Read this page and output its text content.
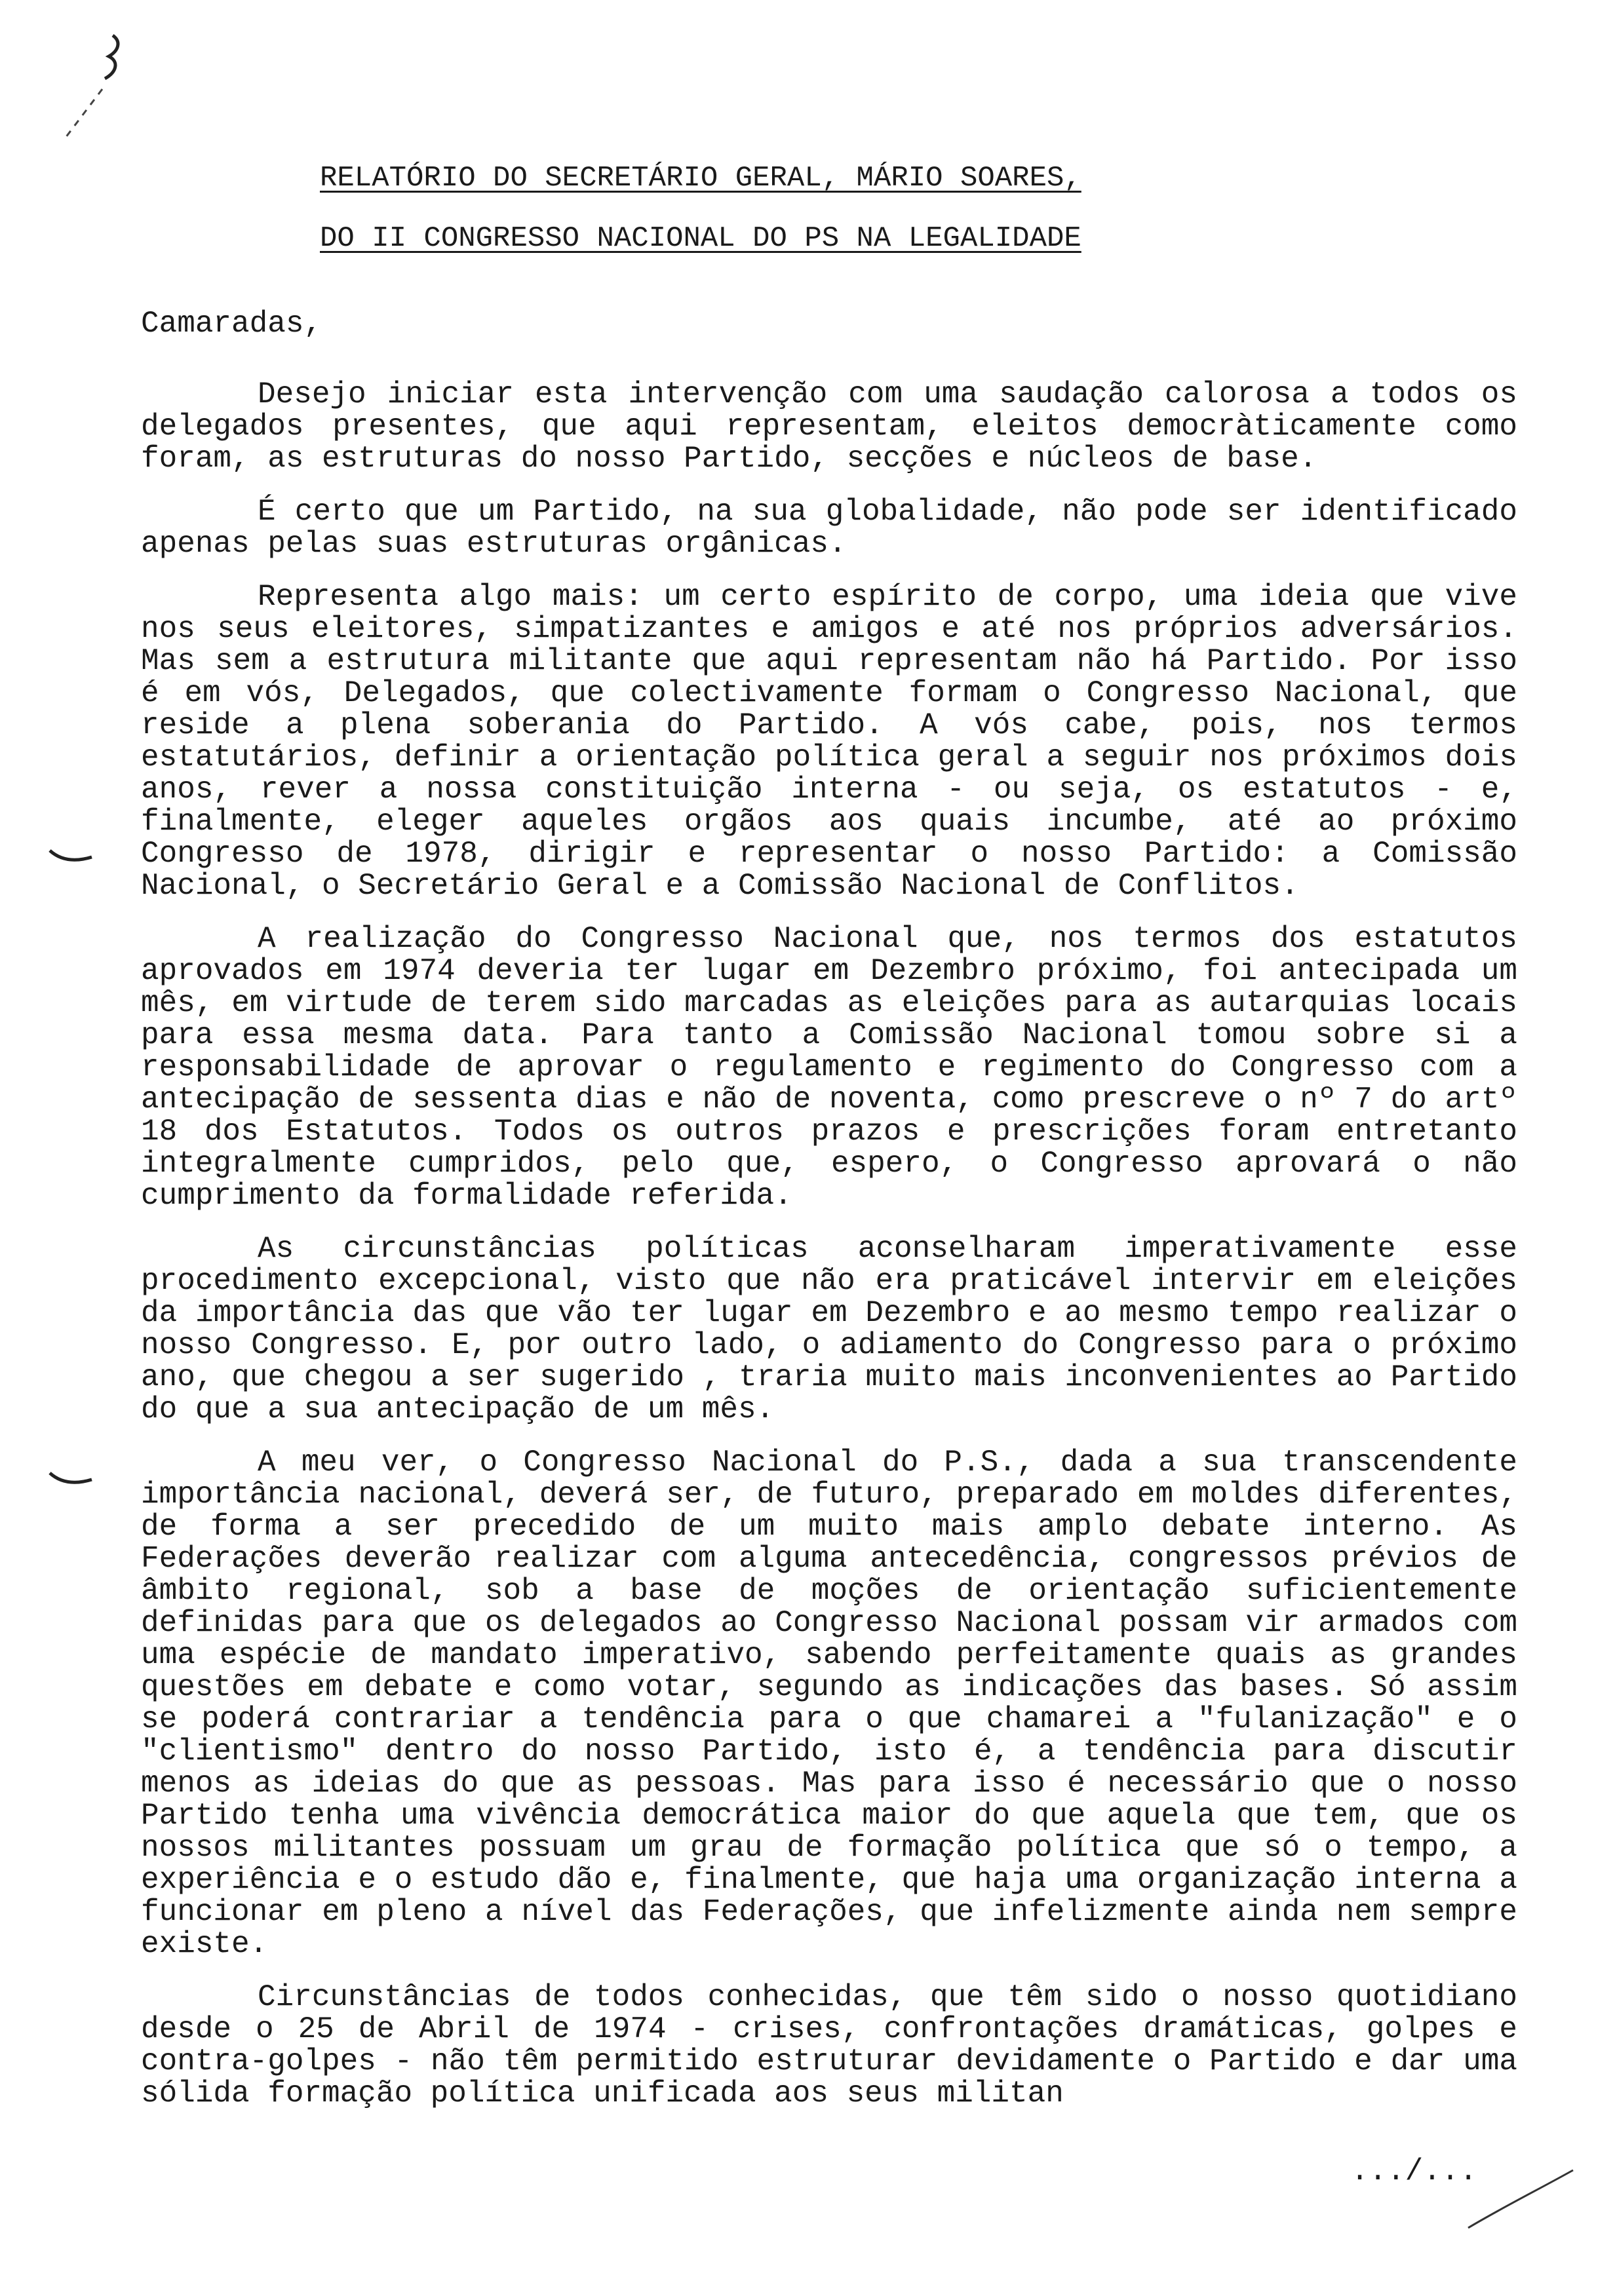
RELATÓRIO DO SECRETÁRIO GERAL, MÁRIO SOARES,
DO II CONGRESSO NACIONAL DO PS NA LEGALIDADE
Camaradas,

Desejo iniciar esta intervenção com uma saudação calorosa a todos os delegados presentes, que aqui representam, eleitos democràticamente como foram, as estruturas do nosso Partido, secções e núcleos de base.

É certo que um Partido, na sua globalidade, não pode ser identificado apenas pelas suas estruturas orgânicas.

Representa algo mais: um certo espírito de corpo, uma ideia que vive nos seus eleitores, simpatizantes e amigos e até nos próprios adversários. Mas sem a estrutura militante que aqui representam não há Partido. Por isso é em vós, Delegados, que colectivamente formam o Congresso Nacional, que reside a plena soberania do Partido. A vós cabe, pois, nos termos estatutários, definir a orientação política geral a seguir nos próximos dois anos, rever a nossa constituição interna - ou seja, os estatutos - e, finalmente, eleger aqueles orgãos aos quais incumbe, até ao próximo Congresso de 1978, dirigir e representar o nosso Partido: a Comissão Nacional, o Secretário Geral e a Comissão Nacional de Conflitos.

A realização do Congresso Nacional que, nos termos dos estatutos aprovados em 1974 deveria ter lugar em Dezembro próximo, foi antecipada um mês, em virtude de terem sido marcadas as eleições para as autarquias locais para essa mesma data. Para tanto a Comissão Nacional tomou sobre si a responsabilidade de aprovar o regulamento e regimento do Congresso com a antecipação de sessenta dias e não de noventa, como prescreve o nº 7 do artº 18 dos Estatutos. Todos os outros prazos e prescrições foram entretanto integralmente cumpridos, pelo que, espero, o Congresso aprovará o não cumprimento da formalidade referida.

As circunstâncias políticas aconselharam imperativamente esse procedimento excepcional, visto que não era praticável intervir em eleições da importância das que vão ter lugar em Dezembro e ao mesmo tempo realizar o nosso Congresso. E, por outro lado, o adiamento do Congresso para o próximo ano, que chegou a ser sugerido , traria muito mais inconvenientes ao Partido do que a sua antecipação de um mês.

A meu ver, o Congresso Nacional do P.S., dada a sua transcendente importância nacional, deverá ser, de futuro, preparado em moldes diferentes, de forma a ser precedido de um muito mais amplo debate interno. As Federações deverão realizar com alguma antecedência, congressos prévios de âmbito regional, sob a base de moções de orientação suficientemente definidas para que os delegados ao Congresso Nacional possam vir armados com uma espécie de mandato imperativo, sabendo perfeitamente quais as grandes questões em debate e como votar, segundo as indicações das bases. Só assim se poderá contrariar a tendência para o que chamarei a "fulanização" e o "clientismo" dentro do nosso Partido, isto é, a tendência para discutir menos as ideias do que as pessoas. Mas para isso é necessário que o nosso Partido tenha uma vivência democrática maior do que aquela que tem, que os nossos militantes possuam um grau de formação política que só o tempo, a experiência e o estudo dão e, finalmente, que haja uma organização interna a funcionar em pleno a nível das Federações, que infelizmente ainda nem sempre existe.

Circunstâncias de todos conhecidas, que têm sido o nosso quotidiano desde o 25 de Abril de 1974 - crises, confrontações dramáticas, golpes e contra-golpes - não têm permitido estruturar devidamente o Partido e dar uma sólida formação política unificada aos seus militan

.../...
